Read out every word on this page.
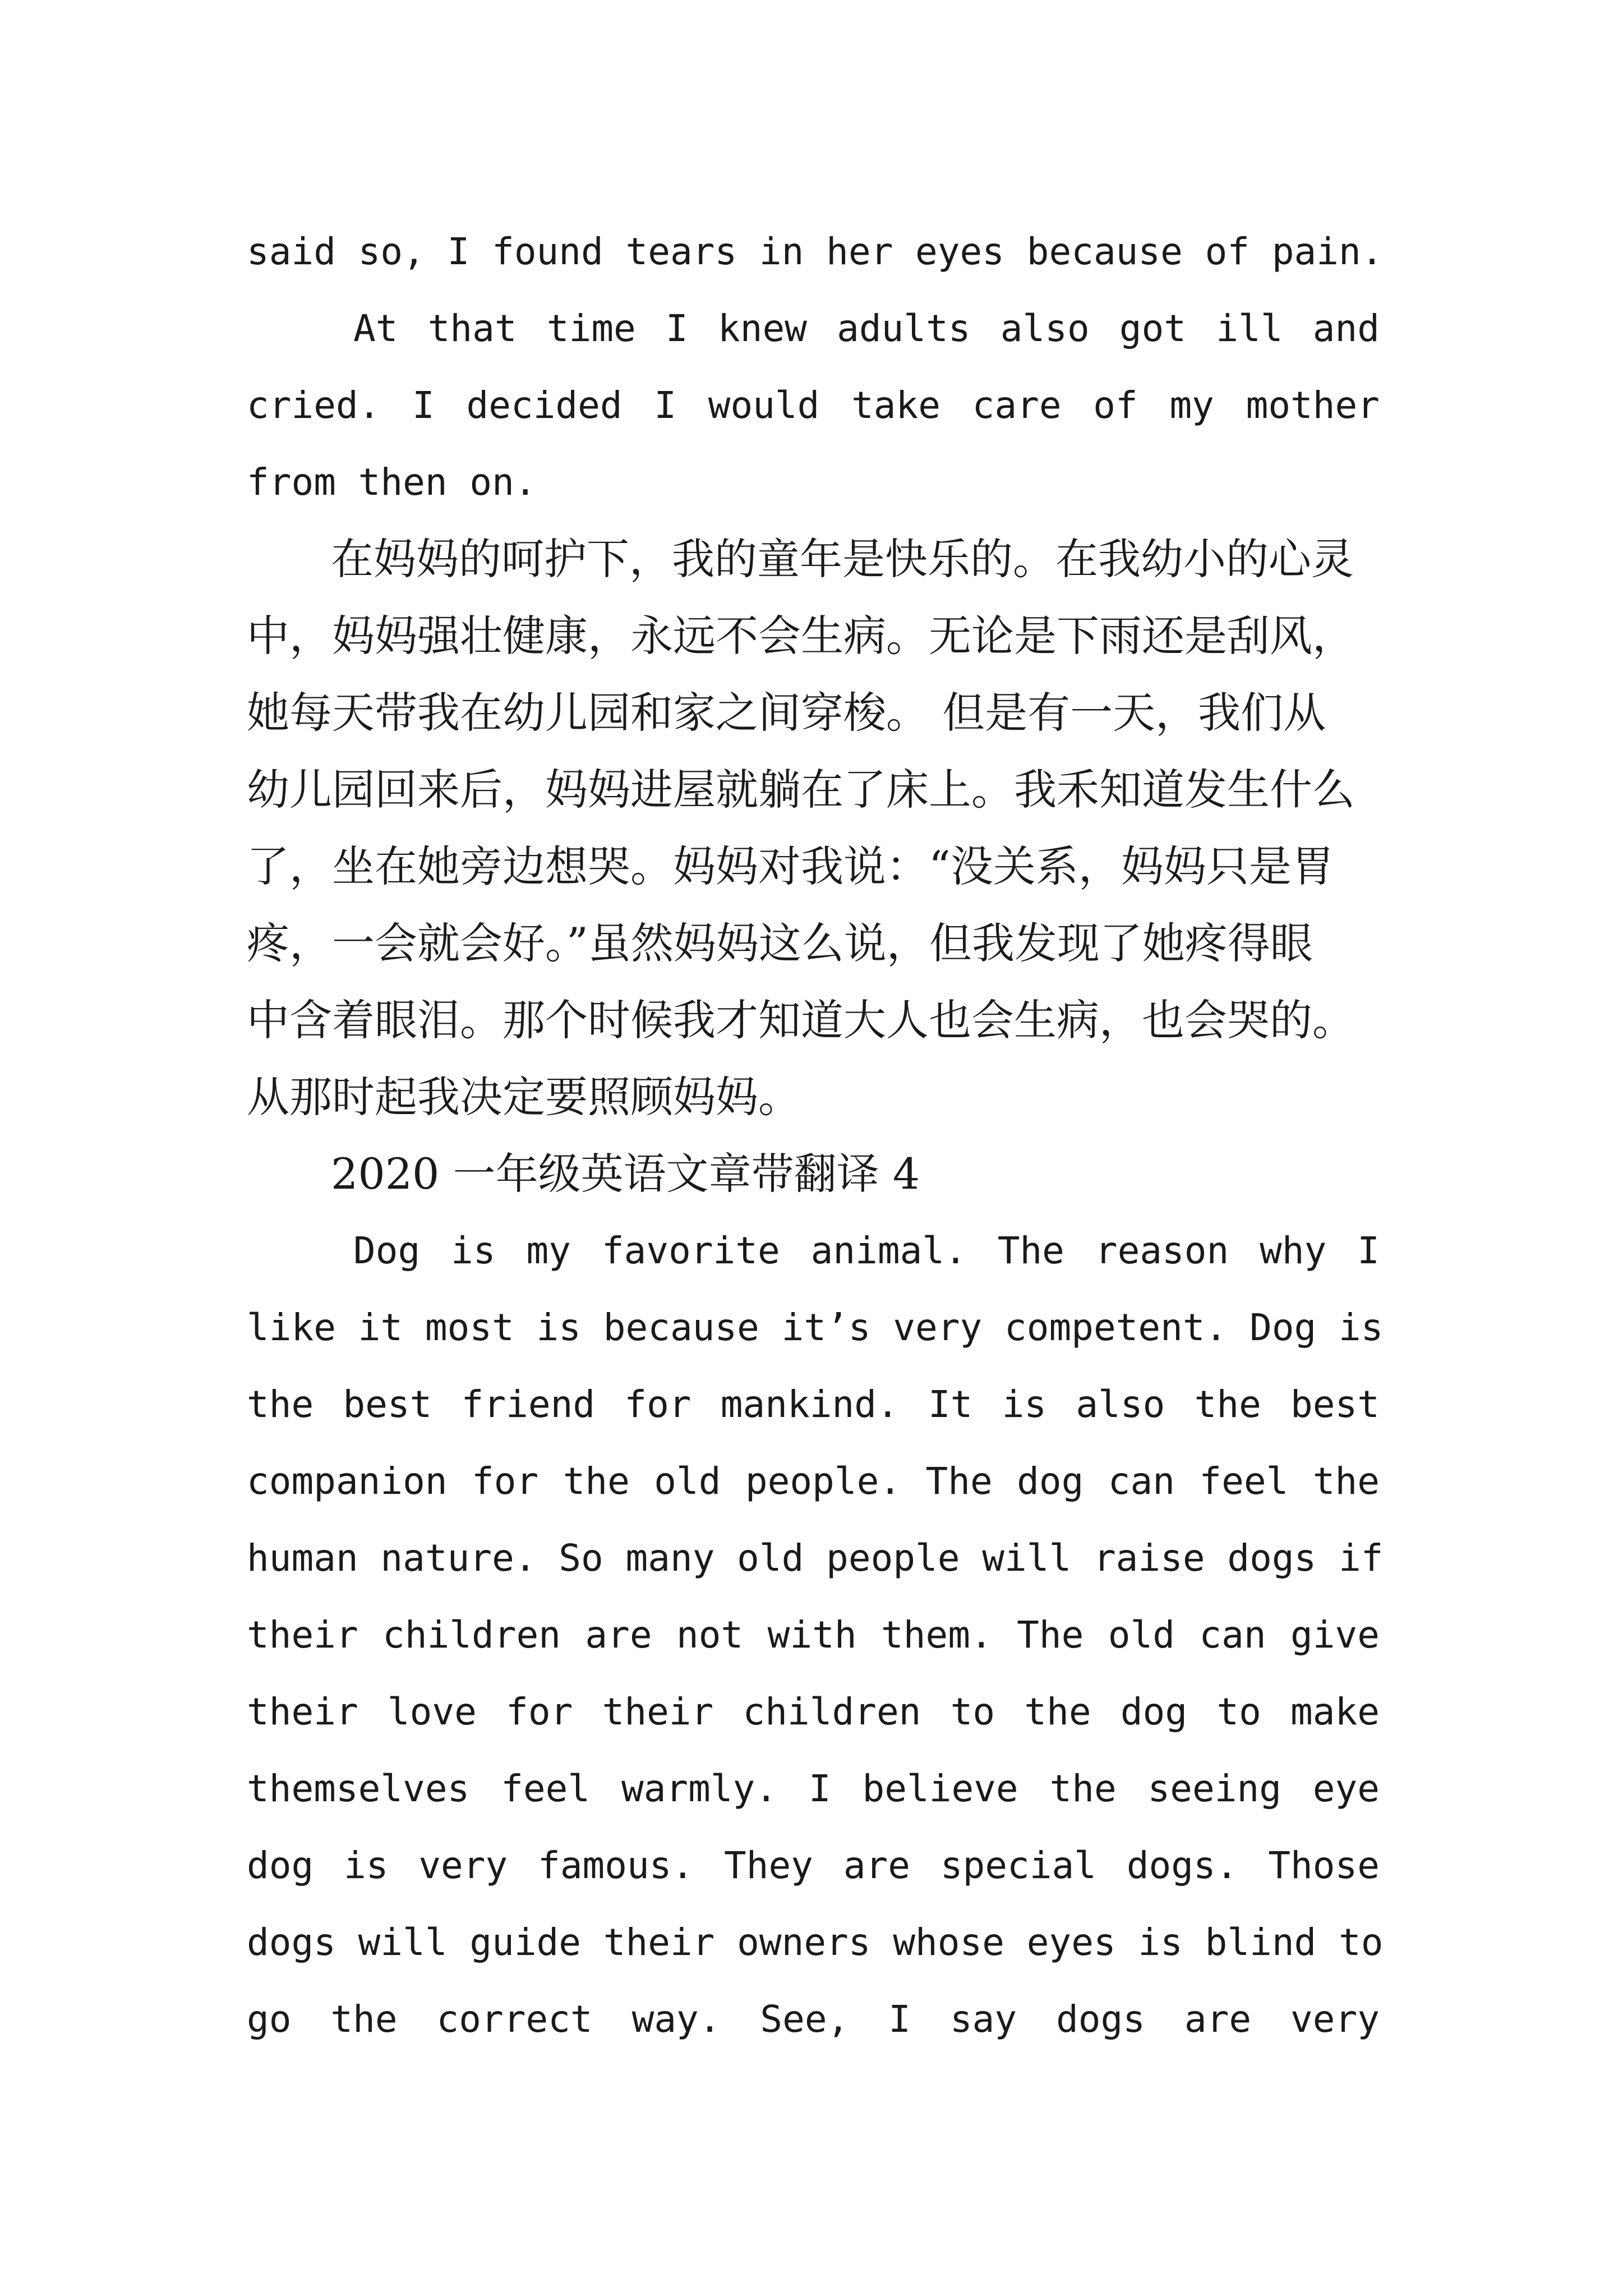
said so, I found tears in her eyes because of pain.
At that time I knew adults also got ill and
cried. I decided I would take care of my mother
from then on.
在妈妈的呵护下，我的童年是快乐的。在我幼小的心灵
中，妈妈强壮健康，永远不会生病。无论是下雨还是刮风，
她每天带我在幼儿园和家之间穿梭。 但是有一天，我们从
幼儿园回来后，妈妈进屋就躺在了床上。我禾知道发生什么
了，坐在她旁边想哭。妈妈对我说：“没关系，妈妈只是胃
疼，一会就会好。”虽然妈妈这么说，但我发现了她疼得眼
中含着眼泪。那个时候我才知道大人也会生病，也会哭的。
从那时起我决定要照顾妈妈。
2020 一年级英语文章带翻译 4
Dog is my favorite animal. The reason why I
like it most is because it’s very competent. Dog is
the best friend for mankind. It is also the best
companion for the old people. The dog can feel the
human nature. So many old people will raise dogs if
their children are not with them. The old can give
their love for their children to the dog to make
themselves feel warmly. I believe the seeing eye
dog is very famous. They are special dogs. Those
dogs will guide their owners whose eyes is blind to
go the correct way. See, I say dogs are very
